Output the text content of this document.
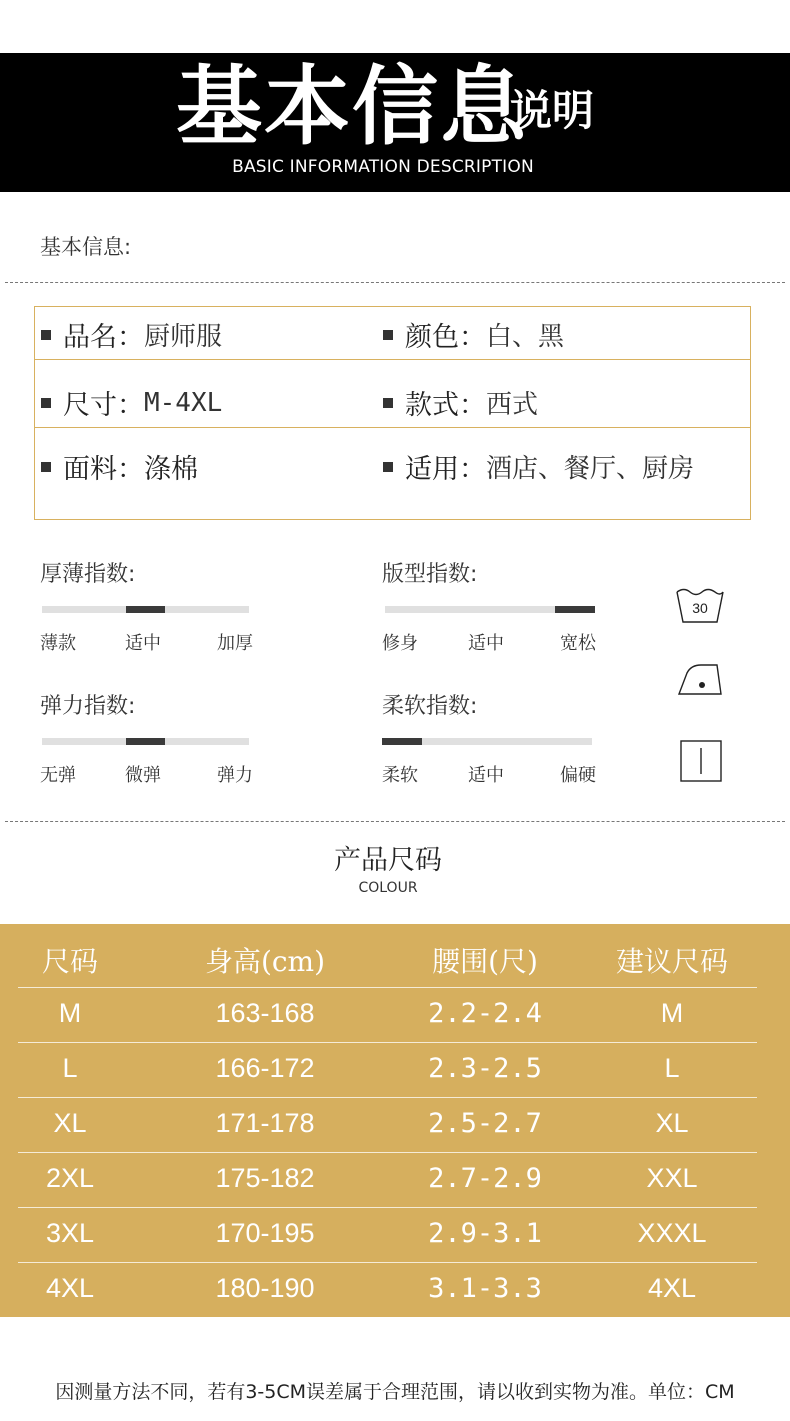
基本信息
说明
BASIC INFORMATION DESCRIPTION
基本信息:
品名： 厨师服	颜色： 白、黑
尺寸： M-4XL	款式： 西式
面料： 涤棉	适用： 酒店、餐厅、厨房
厚薄指数:
薄款	适中	加厚
版型指数:
修身	适中	宽松
弹力指数:
无弹	微弹	弹力
柔软指数:
柔软	适中	偏硬
30
产品尺码
COLOUR
尺码	身高(cm)	腰围(尺)	建议尺码
M	163-168	2.2-2.4	M
L	166-172	2.3-2.5	L
XL	171-178	2.5-2.7	XL
2XL	175-182	2.7-2.9	XXL
3XL	170-195	2.9-3.1	XXXL
4XL	180-190	3.1-3.3	4XL
因测量方法不同，若有3-5CM误差属于合理范围，请以收到实物为准。单位：CM
